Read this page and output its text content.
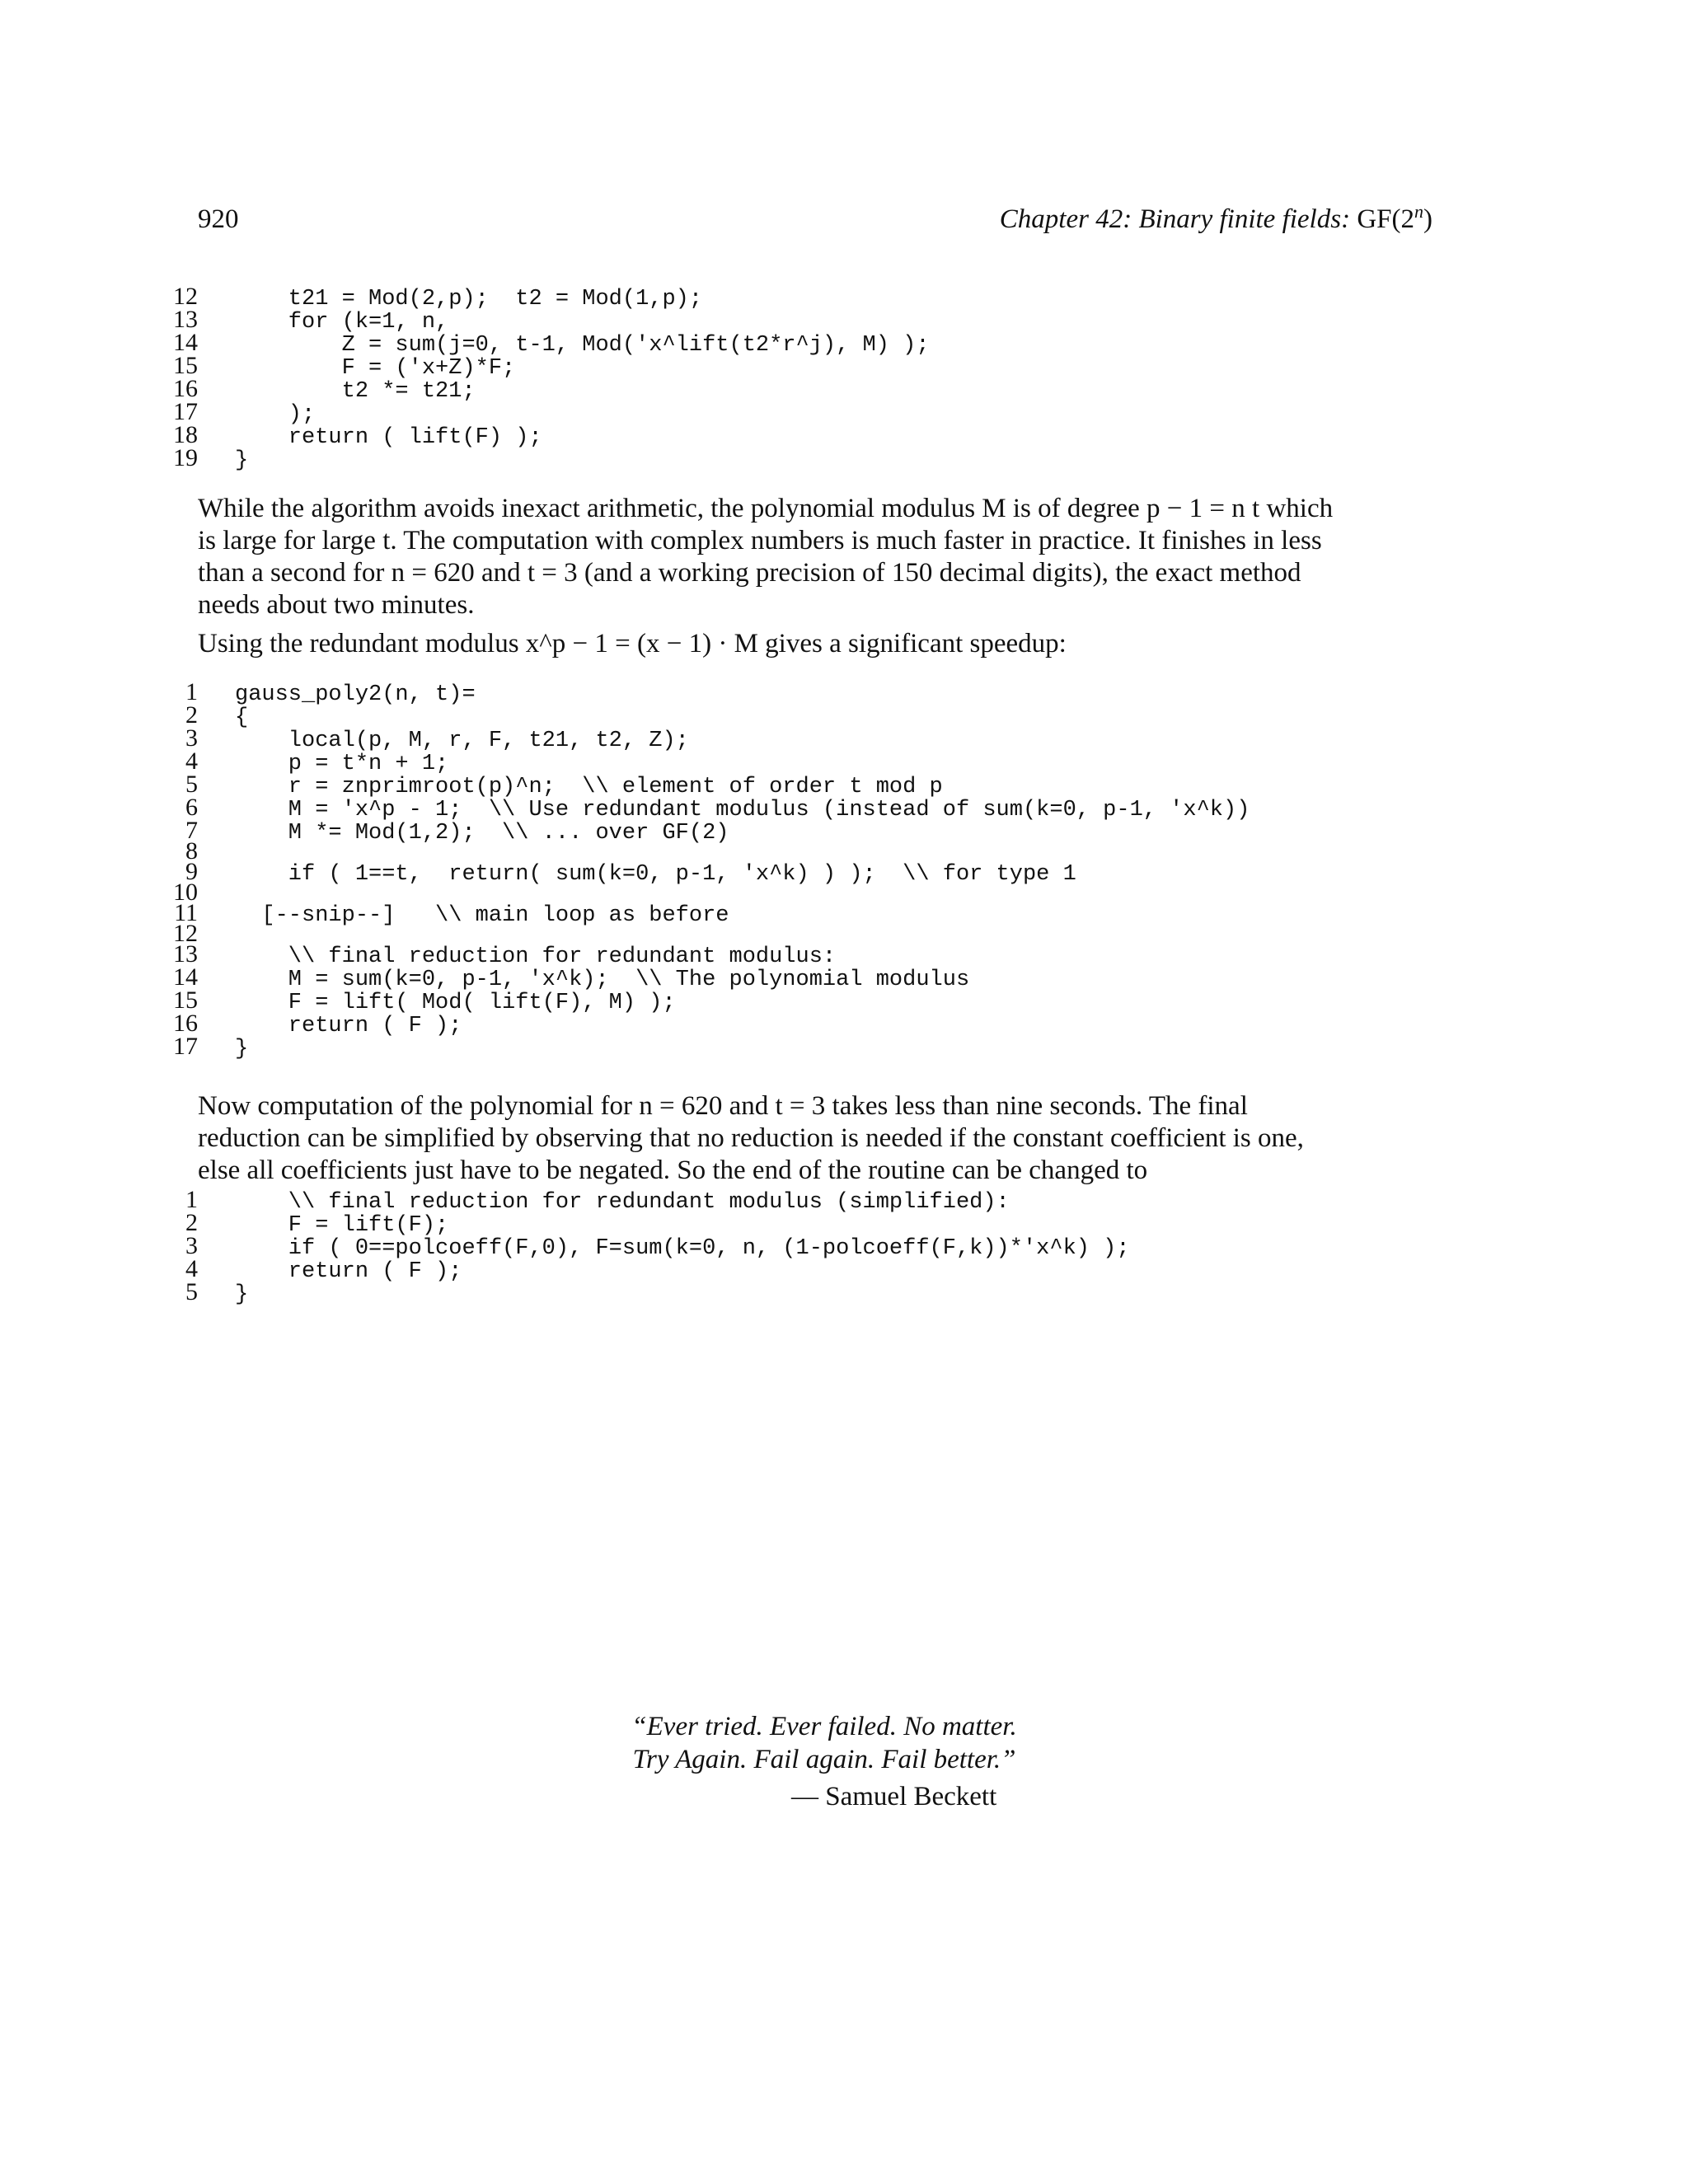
920	Chapter 42: Binary finite fields: GF(2$^n$)
12 t21 = Mod(2,p);  t2 = Mod(1,p);
13 for (k=1, n,
14 Z = sum(j=0, t-1, Mod('x^lift(t2*r^j), M) );
15 F = ('x+Z)*F;
16 t2 *= t21;
17 );
18 return ( lift(F) );
19 }
While the algorithm avoids inexact arithmetic, the polynomial modulus M is of degree p − 1 = n t which
is large for large t. The computation with complex numbers is much faster in practice. It finishes in less
than a second for n = 620 and t = 3 (and a working precision of 150 decimal digits), the exact method
needs about two minutes.
Using the redundant modulus x^p − 1 = (x − 1) · M gives a significant speedup:
1 gauss_poly2(n, t)=
2 {
3 local(p, M, r, F, t21, t2, Z);
4 p = t*n + 1;
5 r = znprimroot(p)^n;  \\ element of order t mod p
6 M = 'x^p - 1;  \\ Use redundant modulus (instead of sum(k=0, p-1, 'x^k))
7 M *= Mod(1,2);  \\ ... over GF(2)
8
9 if ( 1==t,  return( sum(k=0, p-1, 'x^k) ) );  \\ for type 1
10
11 [--snip--]   \\ main loop as before
12
13 \\ final reduction for redundant modulus:
14 M = sum(k=0, p-1, 'x^k);  \\ The polynomial modulus
15 F = lift( Mod( lift(F), M) );
16 return ( F );
17 }
Now computation of the polynomial for n = 620 and t = 3 takes less than nine seconds. The final
reduction can be simplified by observing that no reduction is needed if the constant coefficient is one,
else all coefficients just have to be negated. So the end of the routine can be changed to
1 \\ final reduction for redundant modulus (simplified):
2 F = lift(F);
3 if ( 0==polcoeff(F,0), F=sum(k=0, n, (1-polcoeff(F,k))*'x^k) );
4 return ( F );
5 }
“Ever tried. Ever failed. No matter.
Try Again. Fail again. Fail better.”
— Samuel Beckett
